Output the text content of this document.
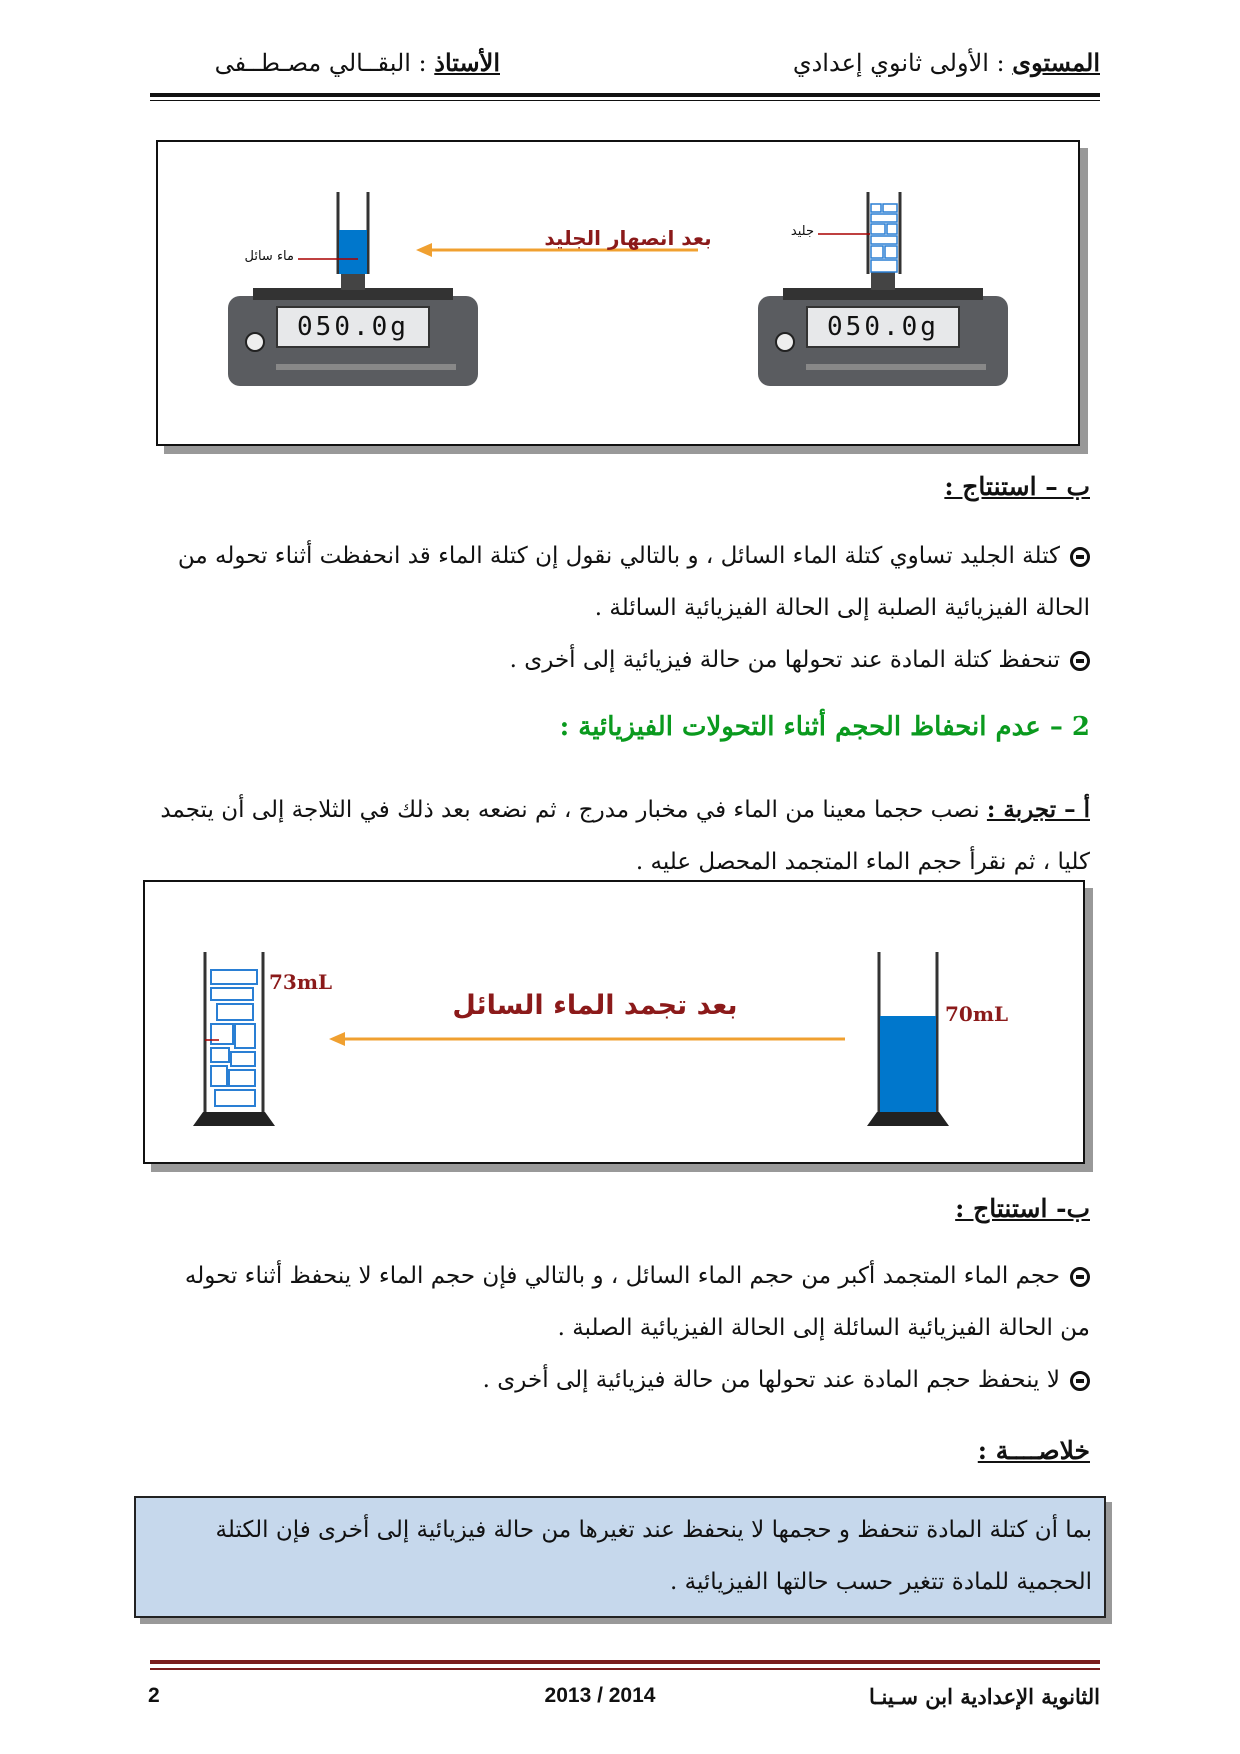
المستوى : الأولى ثانوي إعدادي
الأستاذ : البقــالي مصـطــفى
050.0g	050.0g
ماء سائل
جليد
بعد انصهار الجليد
ب – استنتاج :
كتلة الجليد تساوي كتلة الماء السائل ، و بالتالي نقول إن كتلة الماء قد انحفظت أثناء تحوله من الحالة الفيزيائية الصلبة إلى الحالة الفيزيائية السائلة .
تنحفظ كتلة المادة عند تحولها من حالة فيزيائية إلى أخرى .
2 – عدم انحفاظ الحجم أثناء التحولات الفيزيائية :
أ – تجربة : نصب حجما معينا من الماء في مخبار مدرج ، ثم نضعه بعد ذلك في الثلاجة إلى أن يتجمد كليا ، ثم نقرأ حجم الماء المتجمد المحصل عليه .
73mL
70mL
بعد تجمد الماء السائل
ب- استنتاج :
حجم الماء المتجمد أكبر من حجم الماء السائل ، و بالتالي فإن حجم الماء لا ينحفظ أثناء تحوله من الحالة الفيزيائية السائلة إلى الحالة الفيزيائية الصلبة .
لا ينحفظ حجم المادة عند تحولها من حالة فيزيائية إلى أخرى .
خلاصــــة :
بما أن كتلة المادة تنحفظ و حجمها لا ينحفظ عند تغيرها من حالة فيزيائية إلى أخرى فإن الكتلة الحجمية للمادة تتغير حسب حالتها الفيزيائية .
الثانوية الإعدادية ابن سـينـا
2013 / 2014
2
